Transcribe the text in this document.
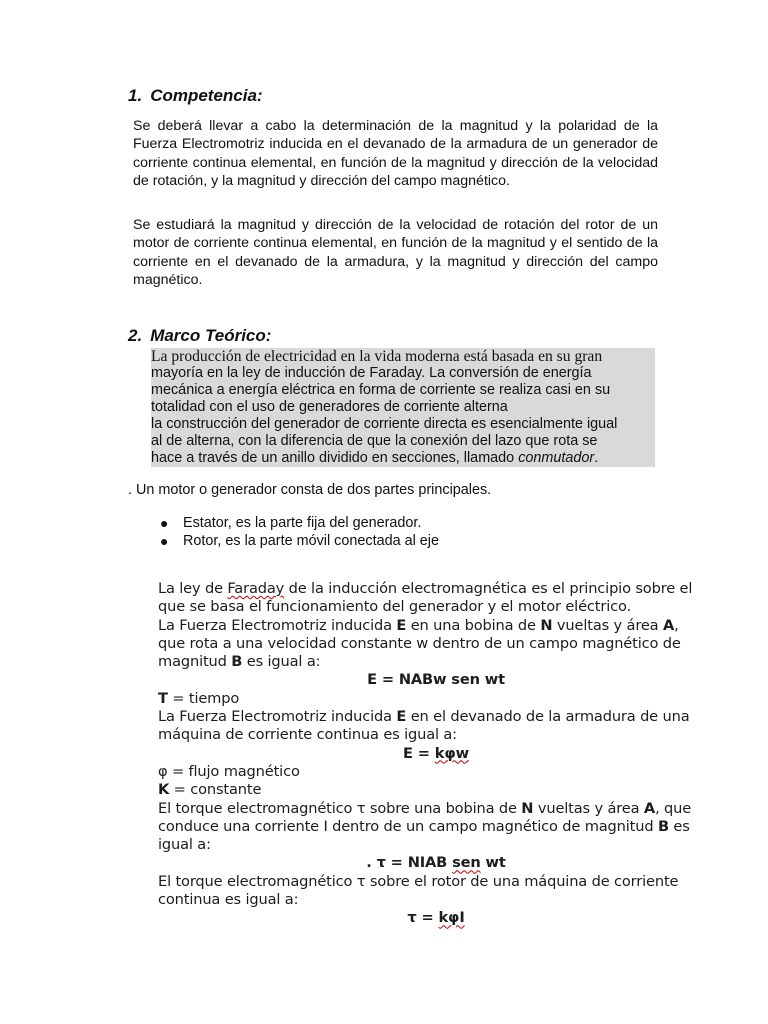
1. Competencia:
Se deberá llevar a cabo la determinación de la magnitud y la polaridad de la Fuerza Electromotriz inducida en el devanado de la armadura de un generador de corriente continua elemental, en función de la magnitud y dirección de la velocidad de rotación, y la magnitud y dirección del campo magnético.
Se estudiará la magnitud y dirección de la velocidad de rotación del rotor de un motor de corriente continua elemental, en función de la magnitud y el sentido de la corriente en el devanado de la armadura, y la magnitud y dirección del campo magnético.
2. Marco Teórico:
La producción de electricidad en la vida moderna está basada en su gran
mayoría en la ley de inducción de Faraday. La conversión de energía
mecánica a energía eléctrica en forma de corriente se realiza casi en su
totalidad con el uso de generadores de corriente alterna
la construcción del generador de corriente directa es esencialmente igual
al de alterna, con la diferencia de que la conexión del lazo que rota se
hace a través de un anillo dividido en secciones, llamado conmutador.
. Un motor o generador consta de dos partes principales.
● Estator, es la parte fija del generador.
● Rotor, es la parte móvil conectada al eje
La ley de Faraday de la inducción electromagnética es el principio sobre el
que se basa el funcionamiento del generador y el motor eléctrico.
La Fuerza Electromotriz inducida E en una bobina de N vueltas y área A,
que rota a una velocidad constante w dentro de un campo magnético de
magnitud B es igual a:
E = NABw sen wt
T = tiempo
La Fuerza Electromotriz inducida E en el devanado de la armadura de una
máquina de corriente continua es igual a:
E = kφw
φ = flujo magnético
K = constante
El torque electromagnético τ sobre una bobina de N vueltas y área A, que
conduce una corriente I dentro de un campo magnético de magnitud B es
igual a:
. τ = NIAB sen wt
El torque electromagnético τ sobre el rotor de una máquina de corriente
continua es igual a:
τ = kφI
